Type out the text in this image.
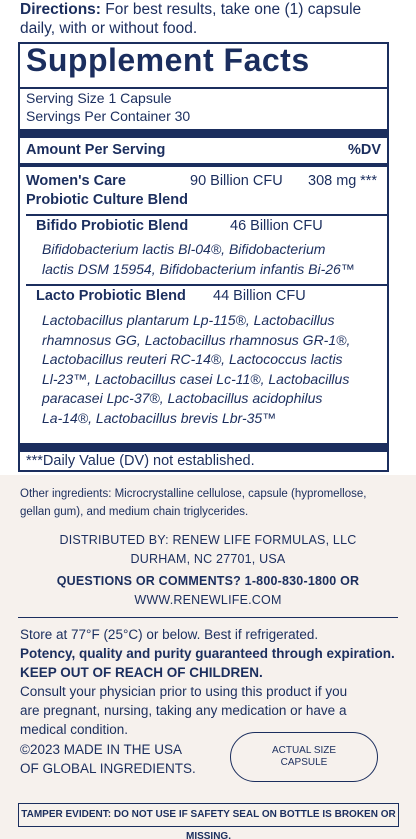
Directions: For best results, take one (1) capsule
daily, with or without food.
Supplement Facts
Serving Size 1 Capsule
Servings Per Container 30
Amount Per Serving	%DV
Women's Care
Probiotic Culture Blend
90 Billion CFU 308 mg ***
Bifido Probiotic Blend	46 Billion CFU
Bifidobacterium lactis Bl-04®, Bifidobacterium
lactis DSM 15954, Bifidobacterium infantis Bi-26™
Lacto Probiotic Blend 44 Billion CFU
Lactobacillus plantarum Lp-115®, Lactobacillus
rhamnosus GG, Lactobacillus rhamnosus GR-1®,
Lactobacillus reuteri RC-14®, Lactococcus lactis
Ll-23™, Lactobacillus casei Lc-11®, Lactobacillus
paracasei Lpc-37®, Lactobacillus acidophilus
La-14®, Lactobacillus brevis Lbr-35™
***Daily Value (DV) not established.
Other ingredients: Microcrystalline cellulose, capsule (hypromellose,
gellan gum), and medium chain triglycerides.
DISTRIBUTED BY: RENEW LIFE FORMULAS, LLC
DURHAM, NC 27701, USA
QUESTIONS OR COMMENTS? 1-800-830-1800 OR
WWW.RENEWLIFE.COM
Store at 77°F (25°C) or below. Best if refrigerated.
Potency, quality and purity guaranteed through expiration.
KEEP OUT OF REACH OF CHILDREN.
Consult your physician prior to using this product if you
are pregnant, nursing, taking any medication or have a
medical condition.
©2023 MADE IN THE USA
OF GLOBAL INGREDIENTS.
ACTUAL SIZE
CAPSULE
TAMPER EVIDENT: DO NOT USE IF SAFETY SEAL ON BOTTLE IS BROKEN OR MISSING.
